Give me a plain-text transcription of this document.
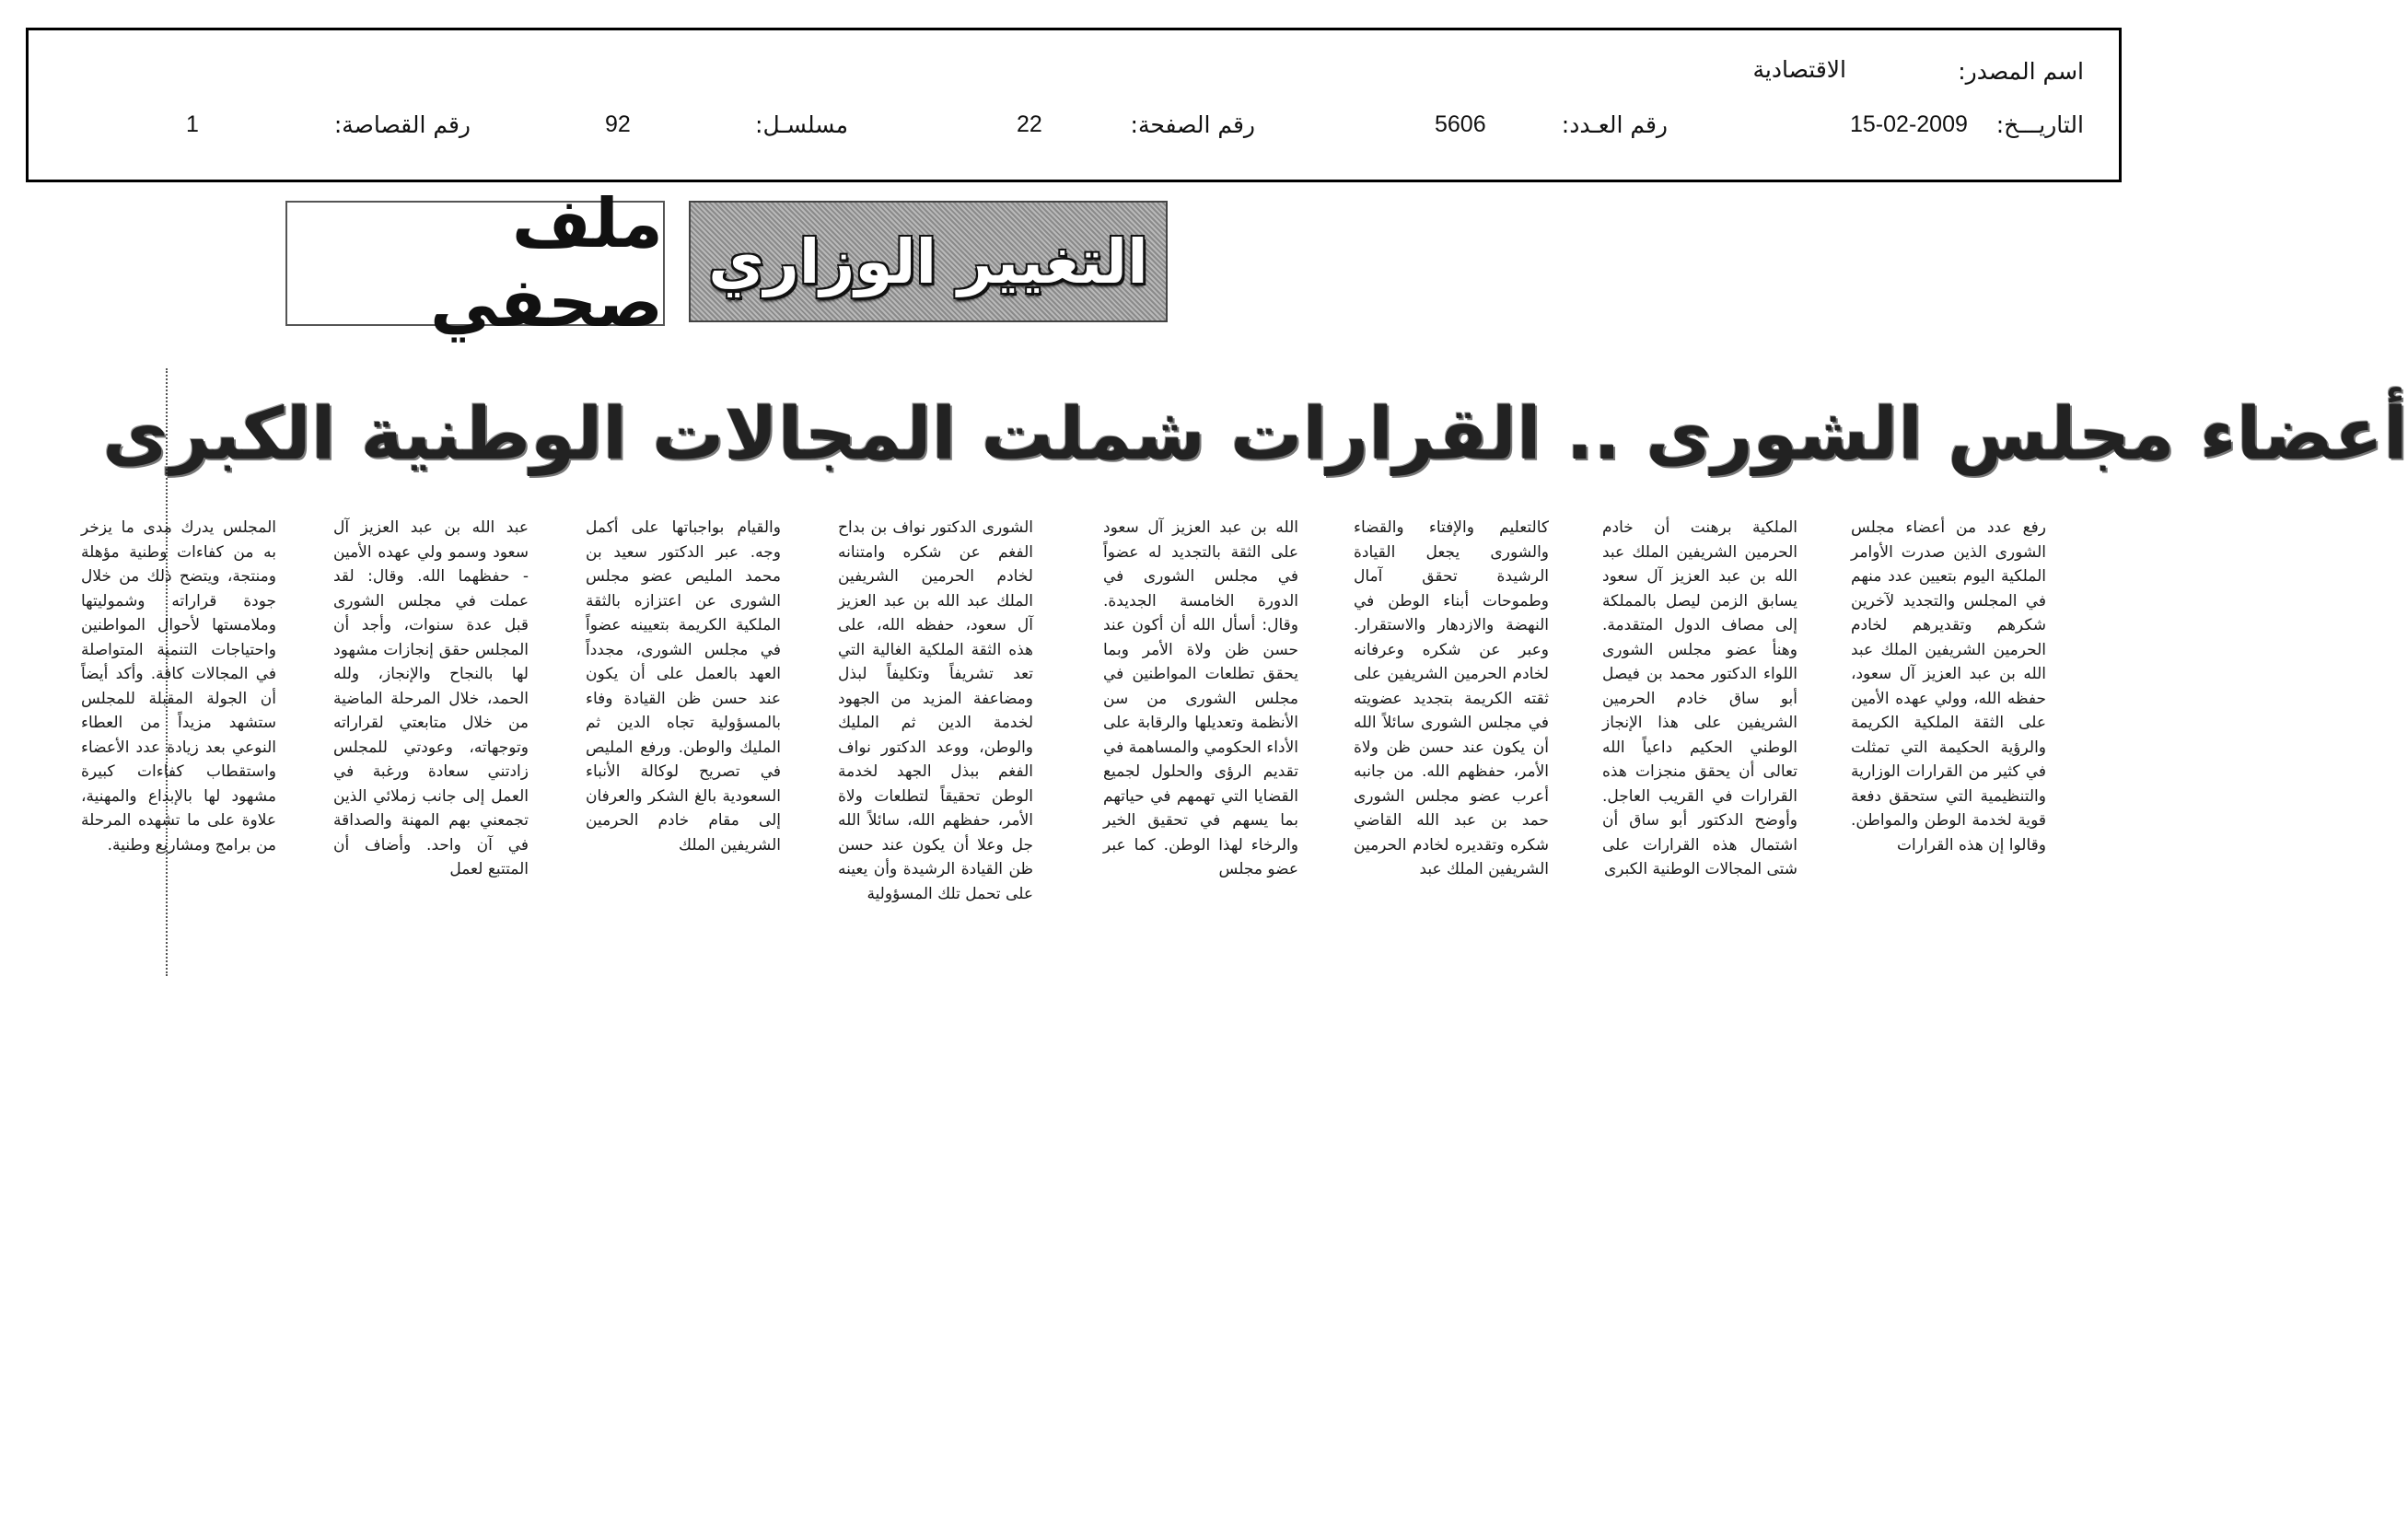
اسم المصدر:
الاقتصادية
التاريـــخ:
15-02-2009
رقم العـدد:
5606
رقم الصفحة:
22
مسلسـل:
92
رقم القصاصة:
1
ملف صحفي
التغيير الوزاري
أعضاء مجلس الشورى .. القرارات شملت المجالات الوطنية الكبرى
رفع عدد من أعضاء مجلس الشورى الذين صدرت الأوامر الملكية اليوم بتعيين عدد منهم في المجلس والتجديد لآخرين شكرهم وتقديرهم لخادم الحرمين الشريفين الملك عبد الله بن عبد العزيز آل سعود، حفظه الله، وولي عهده الأمين على الثقة الملكية الكريمة والرؤية الحكيمة التي تمثلت في كثير من القرارات الوزارية والتنظيمية التي ستحقق دفعة قوية لخدمة الوطن والمواطن. وقالوا إن هذه القرارات
الملكية برهنت أن خادم الحرمين الشريفين الملك عبد الله بن عبد العزيز آل سعود يسابق الزمن ليصل بالمملكة إلى مصاف الدول المتقدمة. وهنأ عضو مجلس الشورى اللواء الدكتور محمد بن فيصل أبو ساق خادم الحرمين الشريفين على هذا الإنجاز الوطني الحكيم داعياً الله تعالى أن يحقق منجزات هذه القرارات في القريب العاجل. وأوضح الدكتور أبو ساق أن اشتمال هذه القرارات على شتى المجالات الوطنية الكبرى
كالتعليم والإفتاء والقضاء والشورى يجعل القيادة الرشيدة تحقق آمال وطموحات أبناء الوطن في النهضة والازدهار والاستقرار. وعبر عن شكره وعرفانه لخادم الحرمين الشريفين على ثقته الكريمة بتجديد عضويته في مجلس الشورى سائلاً الله أن يكون عند حسن ظن ولاة الأمر، حفظهم الله. من جانبه أعرب عضو مجلس الشورى حمد بن عبد الله القاضي شكره وتقديره لخادم الحرمين الشريفين الملك عبد
الله بن عبد العزيز آل سعود على الثقة بالتجديد له عضواً في مجلس الشورى في الدورة الخامسة الجديدة. وقال: أسأل الله أن أكون عند حسن ظن ولاة الأمر وبما يحقق تطلعات المواطنين في مجلس الشورى من سن الأنظمة وتعديلها والرقابة على الأداء الحكومي والمساهمة في تقديم الرؤى والحلول لجميع القضايا التي تهمهم في حياتهم بما يسهم في تحقيق الخير والرخاء لهذا الوطن. كما عبر عضو مجلس
الشورى الدكتور نواف بن بداح الفغم عن شكره وامتنانه لخادم الحرمين الشريفين الملك عبد الله بن عبد العزيز آل سعود، حفظه الله، على هذه الثقة الملكية الغالية التي تعد تشريفاً وتكليفاً لبذل ومضاعفة المزيد من الجهود لخدمة الدين ثم المليك والوطن، ووعد الدكتور نواف الفغم ببذل الجهد لخدمة الوطن تحقيقاً لتطلعات ولاة الأمر، حفظهم الله، سائلاً الله جل وعلا أن يكون عند حسن ظن القيادة الرشيدة وأن يعينه على تحمل تلك المسؤولية
والقيام بواجباتها على أكمل وجه. عبر الدكتور سعيد بن محمد المليص عضو مجلس الشورى عن اعتزازه بالثقة الملكية الكريمة بتعيينه عضواً في مجلس الشورى، مجدداً العهد بالعمل على أن يكون عند حسن ظن القيادة وفاء بالمسؤولية تجاه الدين ثم المليك والوطن. ورفع المليص في تصريح لوكالة الأنباء السعودية بالغ الشكر والعرفان إلى مقام خادم الحرمين الشريفين الملك
عبد الله بن عبد العزيز آل سعود وسمو ولي عهده الأمين - حفظهما الله. وقال: لقد عملت في مجلس الشورى قبل عدة سنوات، وأجد أن المجلس حقق إنجازات مشهود لها بالنجاح والإنجاز، ولله الحمد، خلال المرحلة الماضية من خلال متابعتي لقراراته وتوجهاته، وعودتي للمجلس زادتني سعادة ورغبة في العمل إلى جانب زملائي الذين تجمعني بهم المهنة والصداقة في آن واحد. وأضاف أن المتتبع لعمل
المجلس يدرك مدى ما يزخر به من كفاءات وطنية مؤهلة ومنتجة، ويتضح ذلك من خلال جودة قراراته وشموليتها وملامستها لأحوال المواطنين واحتياجات التنمية المتواصلة في المجالات كافة. وأكد أيضاً أن الجولة المقبلة للمجلس ستشهد مزيداً من العطاء النوعي بعد زيادة عدد الأعضاء واستقطاب كفاءات كبيرة مشهود لها بالإبداع والمهنية، علاوة على ما تشهده المرحلة من برامج ومشاريع وطنية.
